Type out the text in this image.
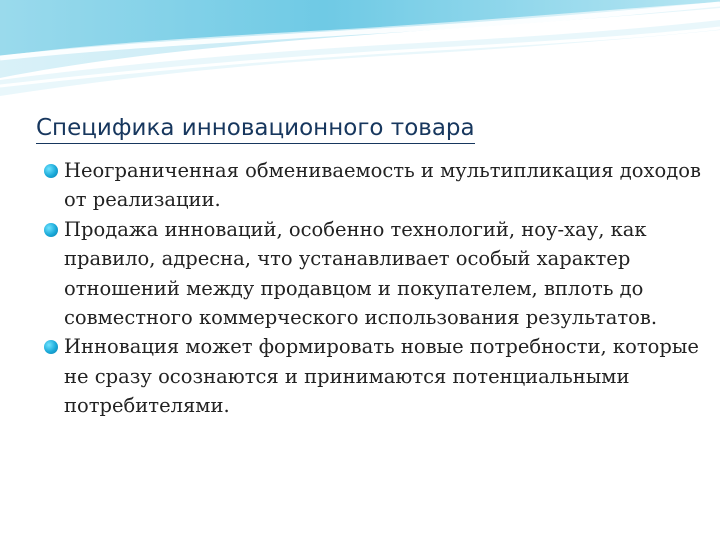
Специфика инновационного товара
Неограниченная обмениваемость и мультипликация доходов от реализации.
Продажа инноваций, особенно технологий, ноу-хау, как правило, адресна, что устанавливает особый характер отношений между продавцом и покупателем, вплоть до совместного коммерческого использования результатов.
Инновация может формировать новые потребности, которые не сразу осознаются и принимаются потенциальными потребителями.
